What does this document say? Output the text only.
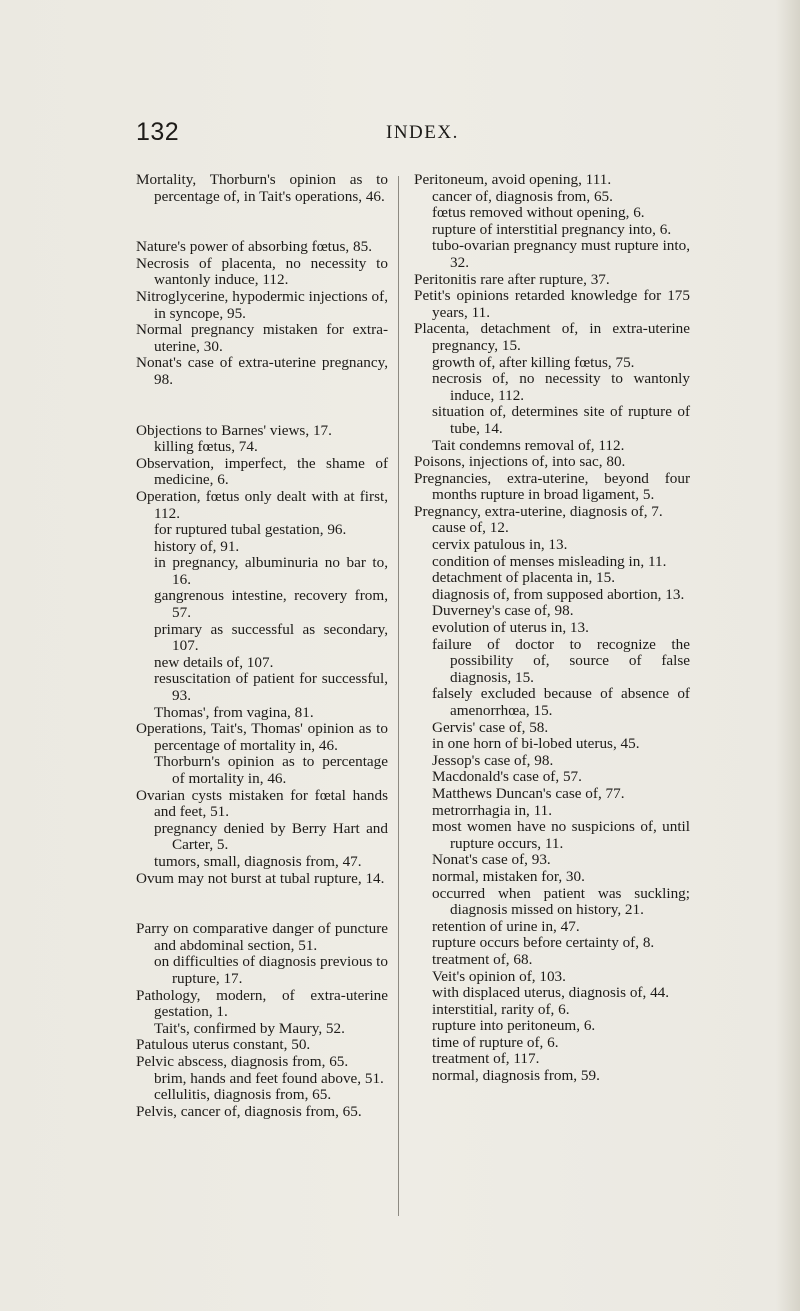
132	INDEX.
Mortality, Thorburn's opinion as to percentage of, in Tait's operations, 46.
Nature's power of absorbing fœtus, 85.
Necrosis of placenta, no necessity to wantonly induce, 112.
Nitroglycerine, hypodermic injections of, in syncope, 95.
Normal pregnancy mistaken for extra-uterine, 30.
Nonat's case of extra-uterine pregnancy, 98.
Objections to Barnes' views, 17.
killing fœtus, 74.
Observation, imperfect, the shame of medicine, 6.
Operation, fœtus only dealt with at first, 112.
for ruptured tubal gestation, 96.
history of, 91.
in pregnancy, albuminuria no bar to, 16.
gangrenous intestine, recovery from, 57.
primary as successful as secondary, 107.
new details of, 107.
resuscitation of patient for successful, 93.
Thomas', from vagina, 81.
Operations, Tait's, Thomas' opinion as to percentage of mortality in, 46.
Thorburn's opinion as to percentage of mortality in, 46.
Ovarian cysts mistaken for fœtal hands and feet, 51.
pregnancy denied by Berry Hart and Carter, 5.
tumors, small, diagnosis from, 47.
Ovum may not burst at tubal rupture, 14.
Parry on comparative danger of puncture and abdominal section, 51.
on difficulties of diagnosis previous to rupture, 17.
Pathology, modern, of extra-uterine gestation, 1.
Tait's, confirmed by Maury, 52.
Patulous uterus constant, 50.
Pelvic abscess, diagnosis from, 65.
brim, hands and feet found above, 51.
cellulitis, diagnosis from, 65.
Pelvis, cancer of, diagnosis from, 65.
Peritoneum, avoid opening, 111.
cancer of, diagnosis from, 65.
fœtus removed without opening, 6.
rupture of interstitial pregnancy into, 6.
tubo-ovarian pregnancy must rupture into, 32.
Peritonitis rare after rupture, 37.
Petit's opinions retarded knowledge for 175 years, 11.
Placenta, detachment of, in extra-uterine pregnancy, 15.
growth of, after killing fœtus, 75.
necrosis of, no necessity to wantonly induce, 112.
situation of, determines site of rupture of tube, 14.
Tait condemns removal of, 112.
Poisons, injections of, into sac, 80.
Pregnancies, extra-uterine, beyond four months rupture in broad ligament, 5.
Pregnancy, extra-uterine, diagnosis of, 7.
cause of, 12.
cervix patulous in, 13.
condition of menses misleading in, 11.
detachment of placenta in, 15.
diagnosis of, from supposed abortion, 13.
Duverney's case of, 98.
evolution of uterus in, 13.
failure of doctor to recognize the possibility of, source of false diagnosis, 15.
falsely excluded because of absence of amenorrhœa, 15.
Gervis' case of, 58.
in one horn of bi-lobed uterus, 45.
Jessop's case of, 98.
Macdonald's case of, 57.
Matthews Duncan's case of, 77.
metrorrhagia in, 11.
most women have no suspicions of, until rupture occurs, 11.
Nonat's case of, 93.
normal, mistaken for, 30.
occurred when patient was suckling; diagnosis missed on history, 21.
retention of urine in, 47.
rupture occurs before certainty of, 8.
treatment of, 68.
Veit's opinion of, 103.
with displaced uterus, diagnosis of, 44.
interstitial, rarity of, 6.
rupture into peritoneum, 6.
time of rupture of, 6.
treatment of, 117.
normal, diagnosis from, 59.
